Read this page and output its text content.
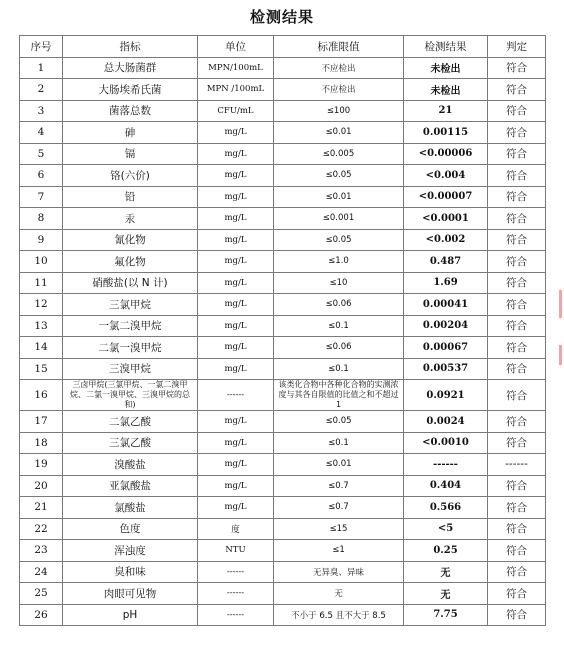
检测结果
序号	指标	单位	标准限值	检测结果	判定
1	总大肠菌群	MPN/100mL	不应检出	未检出	符合
2	大肠埃希氏菌	MPN /100mL	不应检出	未检出	符合
3	菌落总数	CFU/mL	≤100	21	符合
4	砷	mg/L	≤0.01	0.00115	符合
5	镉	mg/L	≤0.005	<0.00006	符合
6	铬(六价)	mg/L	≤0.05	<0.004	符合
7	铅	mg/L	≤0.01	<0.00007	符合
8	汞	mg/L	≤0.001	<0.0001	符合
9	氰化物	mg/L	≤0.05	<0.002	符合
10	氟化物	mg/L	≤1.0	0.487	符合
11	硝酸盐(以 N 计)	mg/L	≤10	1.69	符合
12	三氯甲烷	mg/L	≤0.06	0.00041	符合
13	一氯二溴甲烷	mg/L	≤0.1	0.00204	符合
14	二氯一溴甲烷	mg/L	≤0.06	0.00067	符合
15	三溴甲烷	mg/L	≤0.1	0.00537	符合
16	三卤甲烷(三氯甲烷、一氯二溴甲烷、二氯一溴甲烷、三溴甲烷的总和)	------	该类化合物中各种化合物的实测浓度与其各自限值的比值之和不超过1	0.0921	符合
17	二氯乙酸	mg/L	≤0.05	0.0024	符合
18	三氯乙酸	mg/L	≤0.1	<0.0010	符合
19	溴酸盐	mg/L	≤0.01	------	------
20	亚氯酸盐	mg/L	≤0.7	0.404	符合
21	氯酸盐	mg/L	≤0.7	0.566	符合
22	色度	度	≤15	<5	符合
23	浑浊度	NTU	≤1	0.25	符合
24	臭和味	------	无异臭、异味	无	符合
25	肉眼可见物	------	无	无	符合
26	pH	------	不小于 6.5 且不大于 8.5	7.75	符合
